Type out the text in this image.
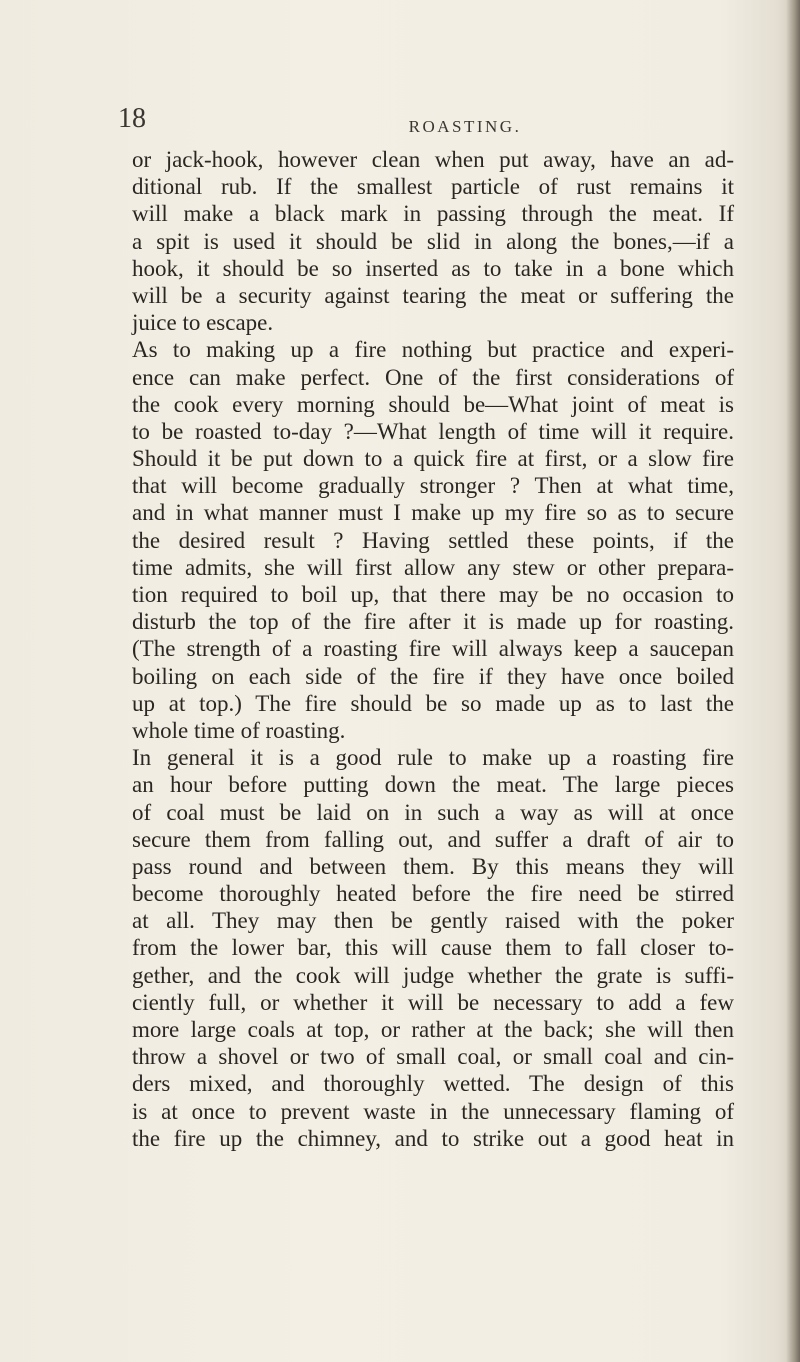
18	ROASTING.
or jack-hook, however clean when put away, have an ad-
ditional rub. If the smallest particle of rust remains it
will make a black mark in passing through the meat. If
a spit is used it should be slid in along the bones,—if a
hook, it should be so inserted as to take in a bone which
will be a security against tearing the meat or suffering the
juice to escape.
As to making up a fire nothing but practice and experi-
ence can make perfect. One of the first considerations of
the cook every morning should be—What joint of meat is
to be roasted to-day ?—What length of time will it require.
Should it be put down to a quick fire at first, or a slow fire
that will become gradually stronger ? Then at what time,
and in what manner must I make up my fire so as to secure
the desired result ? Having settled these points, if the
time admits, she will first allow any stew or other prepara-
tion required to boil up, that there may be no occasion to
disturb the top of the fire after it is made up for roasting.
(The strength of a roasting fire will always keep a saucepan
boiling on each side of the fire if they have once boiled
up at top.) The fire should be so made up as to last the
whole time of roasting.
In general it is a good rule to make up a roasting fire
an hour before putting down the meat. The large pieces
of coal must be laid on in such a way as will at once
secure them from falling out, and suffer a draft of air to
pass round and between them. By this means they will
become thoroughly heated before the fire need be stirred
at all. They may then be gently raised with the poker
from the lower bar, this will cause them to fall closer to-
gether, and the cook will judge whether the grate is suffi-
ciently full, or whether it will be necessary to add a few
more large coals at top, or rather at the back; she will then
throw a shovel or two of small coal, or small coal and cin-
ders mixed, and thoroughly wetted. The design of this
is at once to prevent waste in the unnecessary flaming of
the fire up the chimney, and to strike out a good heat in
